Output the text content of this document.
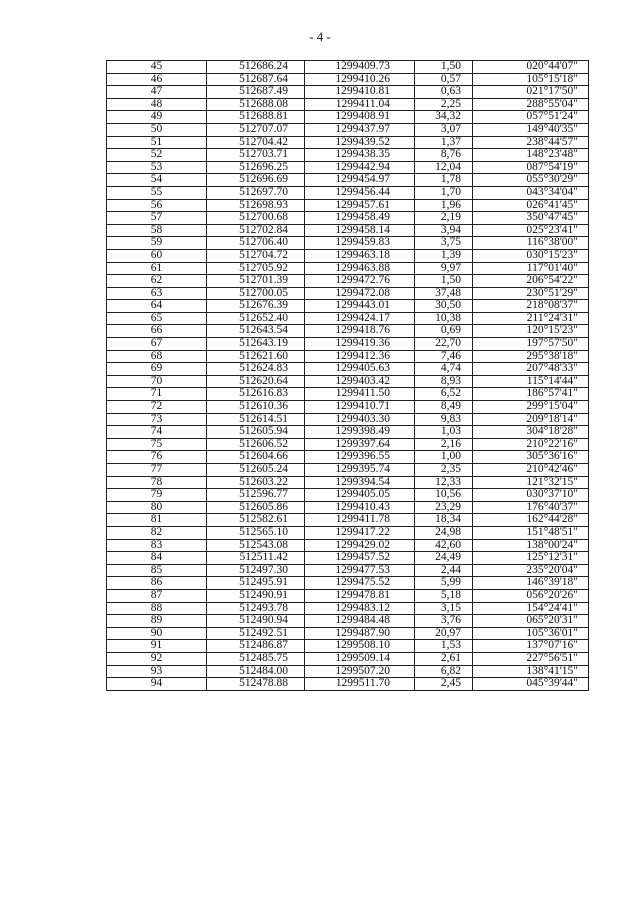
- 4 -
45	512686.24	1299409.73	1,50	020°44'07"
46	512687.64	1299410.26	0,57	105°15'18"
47	512687.49	1299410.81	0,63	021°17'50"
48	512688.08	1299411.04	2,25	288°55'04"
49	512688.81	1299408.91	34,32	057°51'24"
50	512707.07	1299437.97	3,07	149°40'35"
51	512704.42	1299439.52	1,37	238°44'57"
52	512703.71	1299438.35	8,76	148°23'48"
53	512696.25	1299442.94	12,04	087°54'19"
54	512696.69	1299454.97	1,78	055°30'29"
55	512697.70	1299456.44	1,70	043°34'04"
56	512698.93	1299457.61	1,96	026°41'45"
57	512700.68	1299458.49	2,19	350°47'45"
58	512702.84	1299458.14	3,94	025°23'41"
59	512706.40	1299459.83	3,75	116°38'00"
60	512704.72	1299463.18	1,39	030°15'23"
61	512705.92	1299463.88	9,97	117°01'40"
62	512701.39	1299472.76	1,50	206°54'22"
63	512700.05	1299472.08	37,48	230°51'29"
64	512676.39	1299443.01	30,50	218°08'37"
65	512652.40	1299424.17	10,38	211°24'31"
66	512643.54	1299418.76	0,69	120°15'23"
67	512643.19	1299419.36	22,70	197°57'50"
68	512621.60	1299412.36	7,46	295°38'18"
69	512624.83	1299405.63	4,74	207°48'33"
70	512620.64	1299403.42	8,93	115°14'44"
71	512616.83	1299411.50	6,52	186°57'41"
72	512610.36	1299410.71	8,49	299°15'04"
73	512614.51	1299403.30	9,83	209°18'14"
74	512605.94	1299398.49	1,03	304°18'28"
75	512606.52	1299397.64	2,16	210°22'16"
76	512604.66	1299396.55	1,00	305°36'16"
77	512605.24	1299395.74	2,35	210°42'46"
78	512603.22	1299394.54	12,33	121°32'15"
79	512596.77	1299405.05	10,56	030°37'10"
80	512605.86	1299410.43	23,29	176°40'37"
81	512582.61	1299411.78	18,34	162°44'28"
82	512565.10	1299417.22	24,98	151°48'51"
83	512543.08	1299429.02	42,60	138°00'24"
84	512511.42	1299457.52	24,49	125°12'31"
85	512497.30	1299477.53	2,44	235°20'04"
86	512495.91	1299475.52	5,99	146°39'18"
87	512490.91	1299478.81	5,18	056°20'26"
88	512493.78	1299483.12	3,15	154°24'41"
89	512490.94	1299484.48	3,76	065°20'31"
90	512492.51	1299487.90	20,97	105°36'01"
91	512486.87	1299508.10	1,53	137°07'16"
92	512485.75	1299509.14	2,61	227°56'51"
93	512484.00	1299507.20	6,82	138°41'15"
94	512478.88	1299511.70	2,45	045°39'44"
